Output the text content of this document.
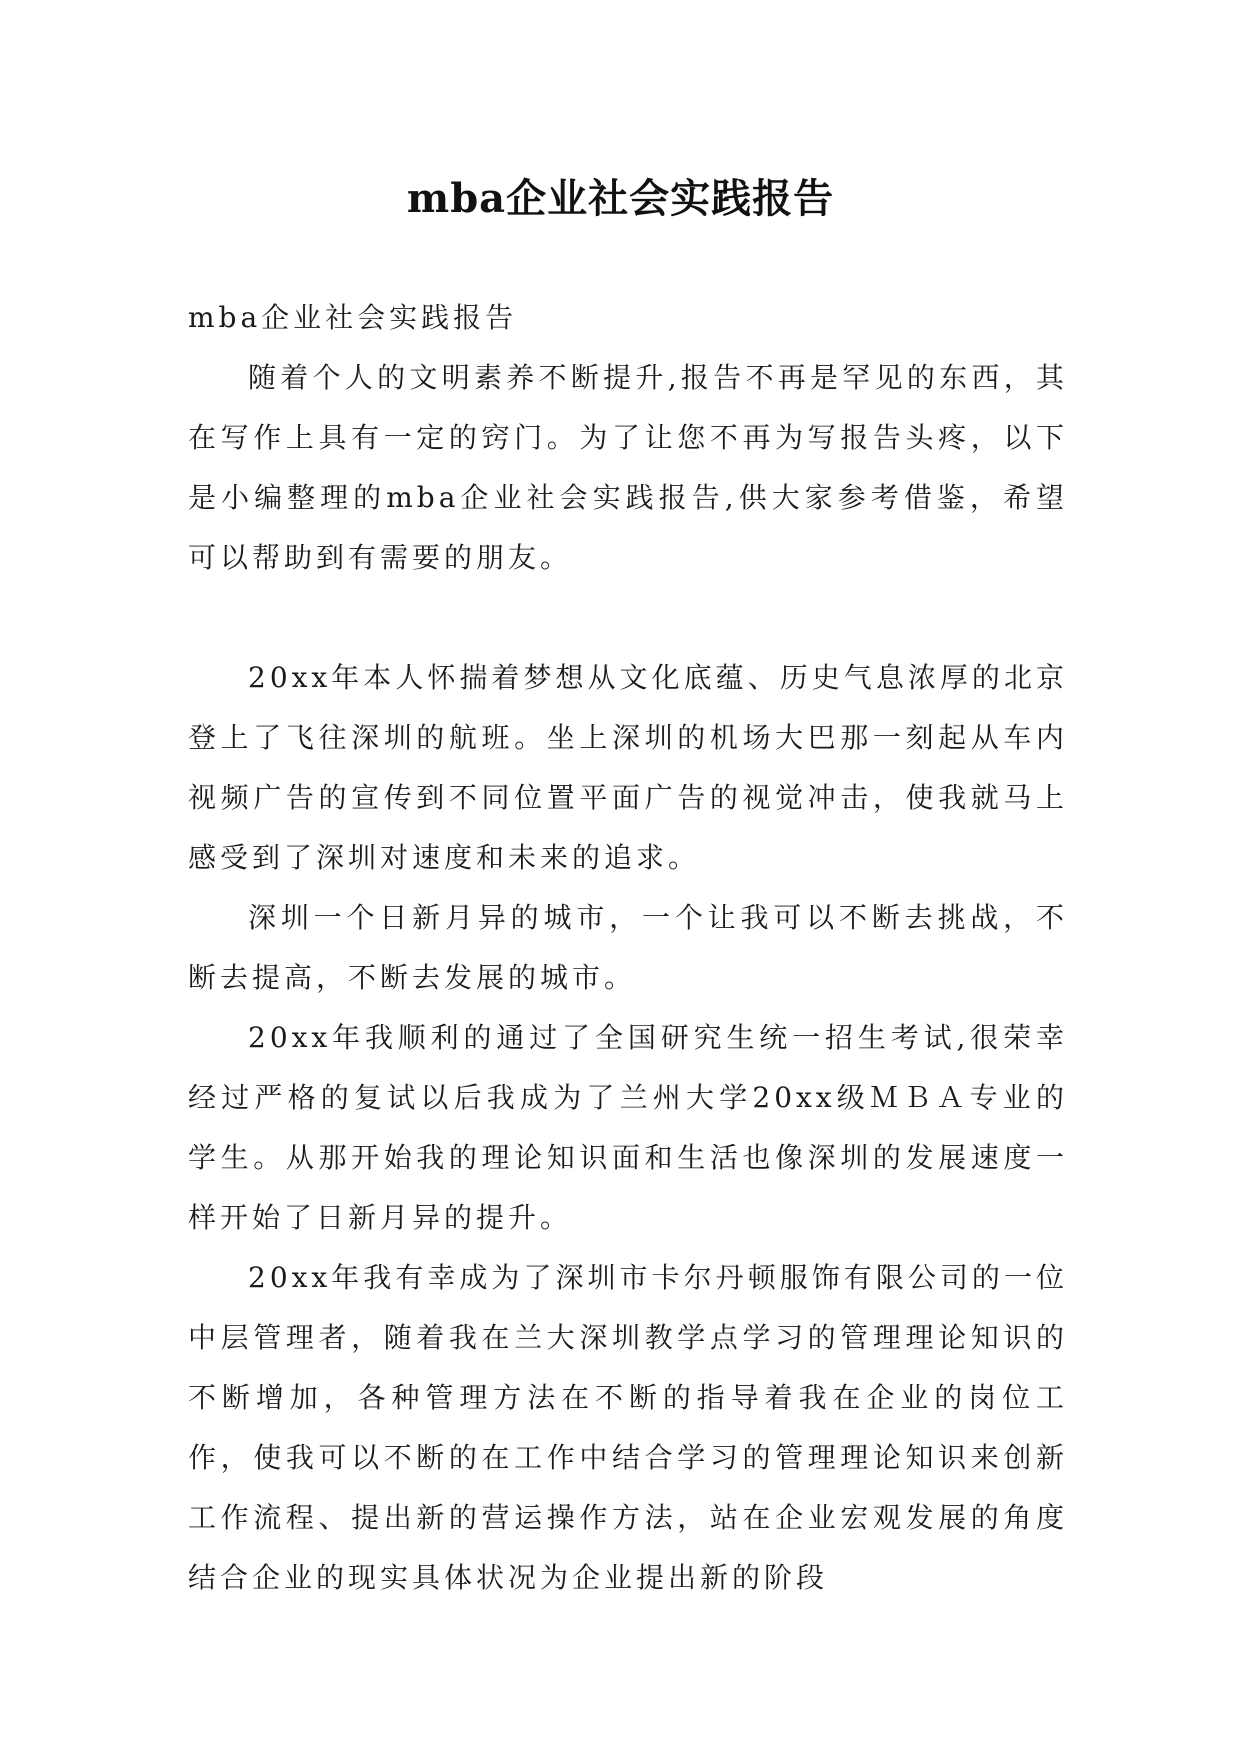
mba企业社会实践报告

mba企业社会实践报告

随着个人的文明素养不断提升,报告不再是罕见的东西，其在写作上具有一定的窍门。为了让您不再为写报告头疼，以下是小编整理的mba企业社会实践报告,供大家参考借鉴，希望可以帮助到有需要的朋友。

20xx年本人怀揣着梦想从文化底蕴、历史气息浓厚的北京登上了飞往深圳的航班。坐上深圳的机场大巴那一刻起从车内视频广告的宣传到不同位置平面广告的视觉冲击，使我就马上感受到了深圳对速度和未来的追求。

深圳一个日新月异的城市，一个让我可以不断去挑战，不断去提高，不断去发展的城市。

20xx年我顺利的通过了全国研究生统一招生考试,很荣幸经过严格的复试以后我成为了兰州大学20xx级ＭＢＡ专业的学生。从那开始我的理论知识面和生活也像深圳的发展速度一样开始了日新月异的提升。

20xx年我有幸成为了深圳市卡尔丹顿服饰有限公司的一位中层管理者，随着我在兰大深圳教学点学习的管理理论知识的不断增加，各种管理方法在不断的指导着我在企业的岗位工作，使我可以不断的在工作中结合学习的管理理论知识来创新工作流程、提出新的营运操作方法，站在企业宏观发展的角度结合企业的现实具体状况为企业提出新的阶段
